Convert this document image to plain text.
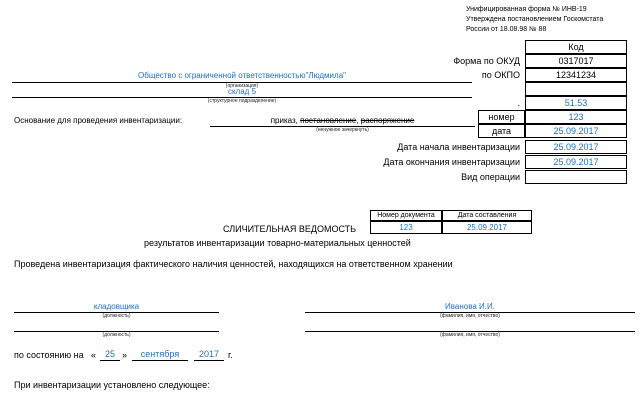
Унифицированная форма № ИНВ-19
Утверждена постановлением Госкомстата
России от 18.08.98 № 88
Код
Форма по ОКУД	0317017
по ОКПО	12341234
.	51.53
номер	123
дата	25.09.2017
Дата начала инвентаризации	25.09.2017
Дата окончания инвентаризации	25.09.2017
Вид операции
Общество с ограниченной ответственностью"Людмила"
(организация)
склад 5
(структурное подразделение)
Основание для проведения инвентаризации:	приказ, постановление, распоряжение
(ненужное зачеркнуть)
Номер документа	Дата составления
123	25.09.2017
СЛИЧИТЕЛЬНАЯ ВЕДОМОСТЬ
результатов инвентаризации товарно-материальных ценностей
Проведена инвентаризация фактического наличия ценностей, находящихся на ответственном хранении
кладовщика
(должность)
Иванова И.И.
(фамилия, имя, отчество)
(должность)	(фамилия, имя, отчество)
по состоянию на « 25 »	сентября	2017 г.
При инвентаризации установлено следующее:
